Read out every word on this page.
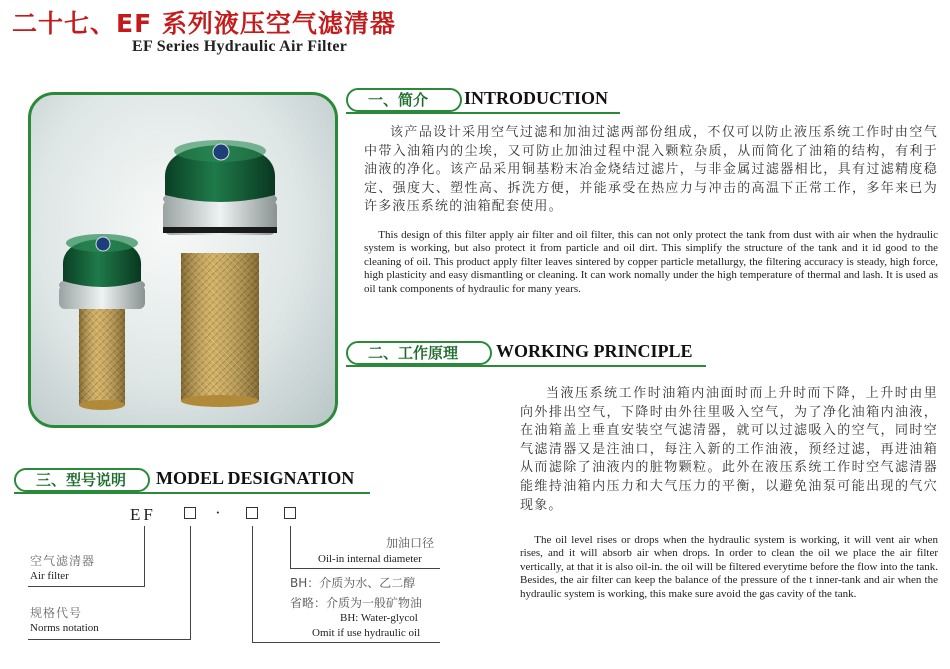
二十七、EF 系列液压空气滤清器
EF Series Hydraulic Air Filter
一、简介	INTRODUCTION

该产品设计采用空气过滤和加油过滤两部份组成，不仅可以防止液压系统工作时由空气中带入油箱内的尘埃，又可防止加油过程中混入颗粒杂质，从而简化了油箱的结构，有利于油液的净化。该产品采用铜基粉末冶金烧结过滤片，与非金属过滤器相比，具有过滤精度稳定、强度大、塑性高、拆洗方便，并能承受在热应力与冲击的高温下正常工作，多年来已为许多液压系统的油箱配套使用。

This design of this filter apply air filter and oil filter, this can not only protect the tank from dust with air when the hydraulic system is working, but also protect it from particle and oil dirt. This simplify the structure of the tank and it id good to the cleaning of oil. This product apply filter leaves sintered by copper particle metallurgy, the filtering accuracy is steady, high force, high plasticity and easy dismantling or cleaning. It can work nomally under the high temperature of thermal and lash. It is used as oil tank components of hydraulic for many years.

二、工作原理	WORKING PRINCIPLE

当液压系统工作时油箱内油面时而上升时而下降，上升时由里向外排出空气，下降时由外往里吸入空气，为了净化油箱内油液，在油箱盖上垂直安装空气滤清器，就可以过滤吸入的空气，同时空气滤清器又是注油口，每注入新的工作油液，预经过滤，再进油箱从而滤除了油液内的脏物颗粒。此外在液压系统工作时空气滤清器能维持油箱内压力和大气压力的平衡，以避免油泵可能出现的气穴现象。

The oil level rises or drops when the hydraulic system is working, it will vent air when rises, and it will absorb air when drops. In order to clean the oil we place the air filter vertically, at that it is also oil-in. the oil will be filtered everytime before the flow into the tank. Besides, the air filter can keep the balance of the pressure of the t inner-tank and air when the hydraulic system is working, this make sure avoid the gas cavity of the tank.

三、型号说明	MODEL DESIGNATION
EF	·
空气滤清器
Air filter
规格代号
Norms notation
加油口径
Oil-in internal diameter
BH：介质为水、乙二醇
省略：介质为一般矿物油
BH: Water-glycol
Omit if use hydraulic oil
